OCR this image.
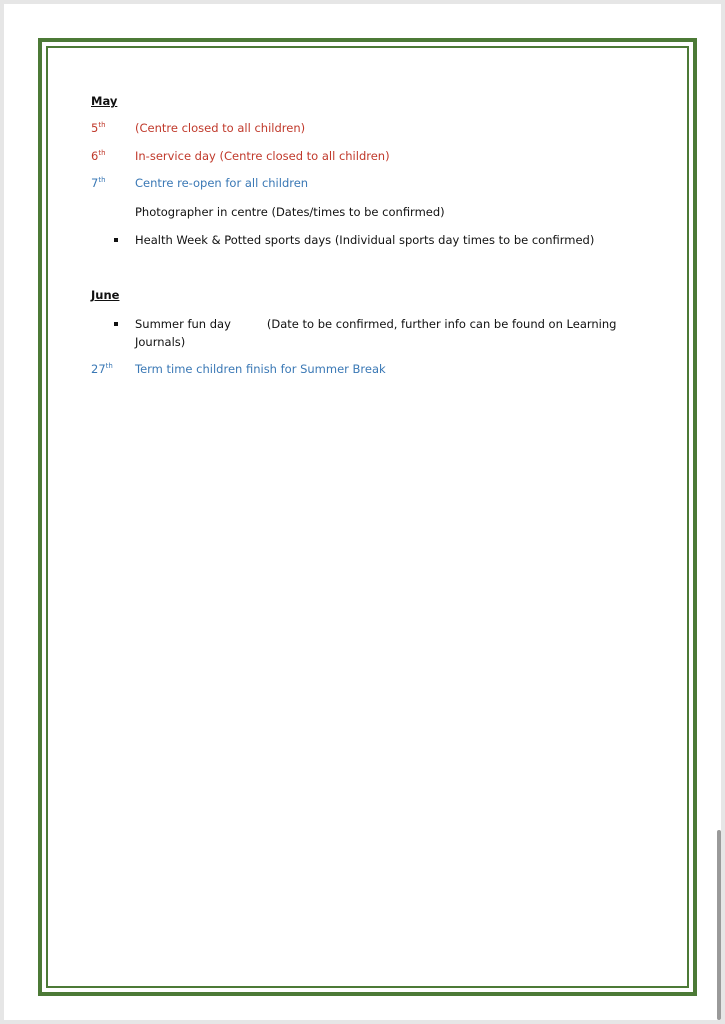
May
5th	(Centre closed to all children)
6th	In-service day (Centre closed to all children)
7th	Centre re-open for all children
Photographer in centre (Dates/times to be confirmed)
Health Week & Potted sports days (Individual sports day times to be confirmed)
June
Summer fun day	(Date to be confirmed, further info can be found on Learning Journals)
27th Term time children finish for Summer Break
